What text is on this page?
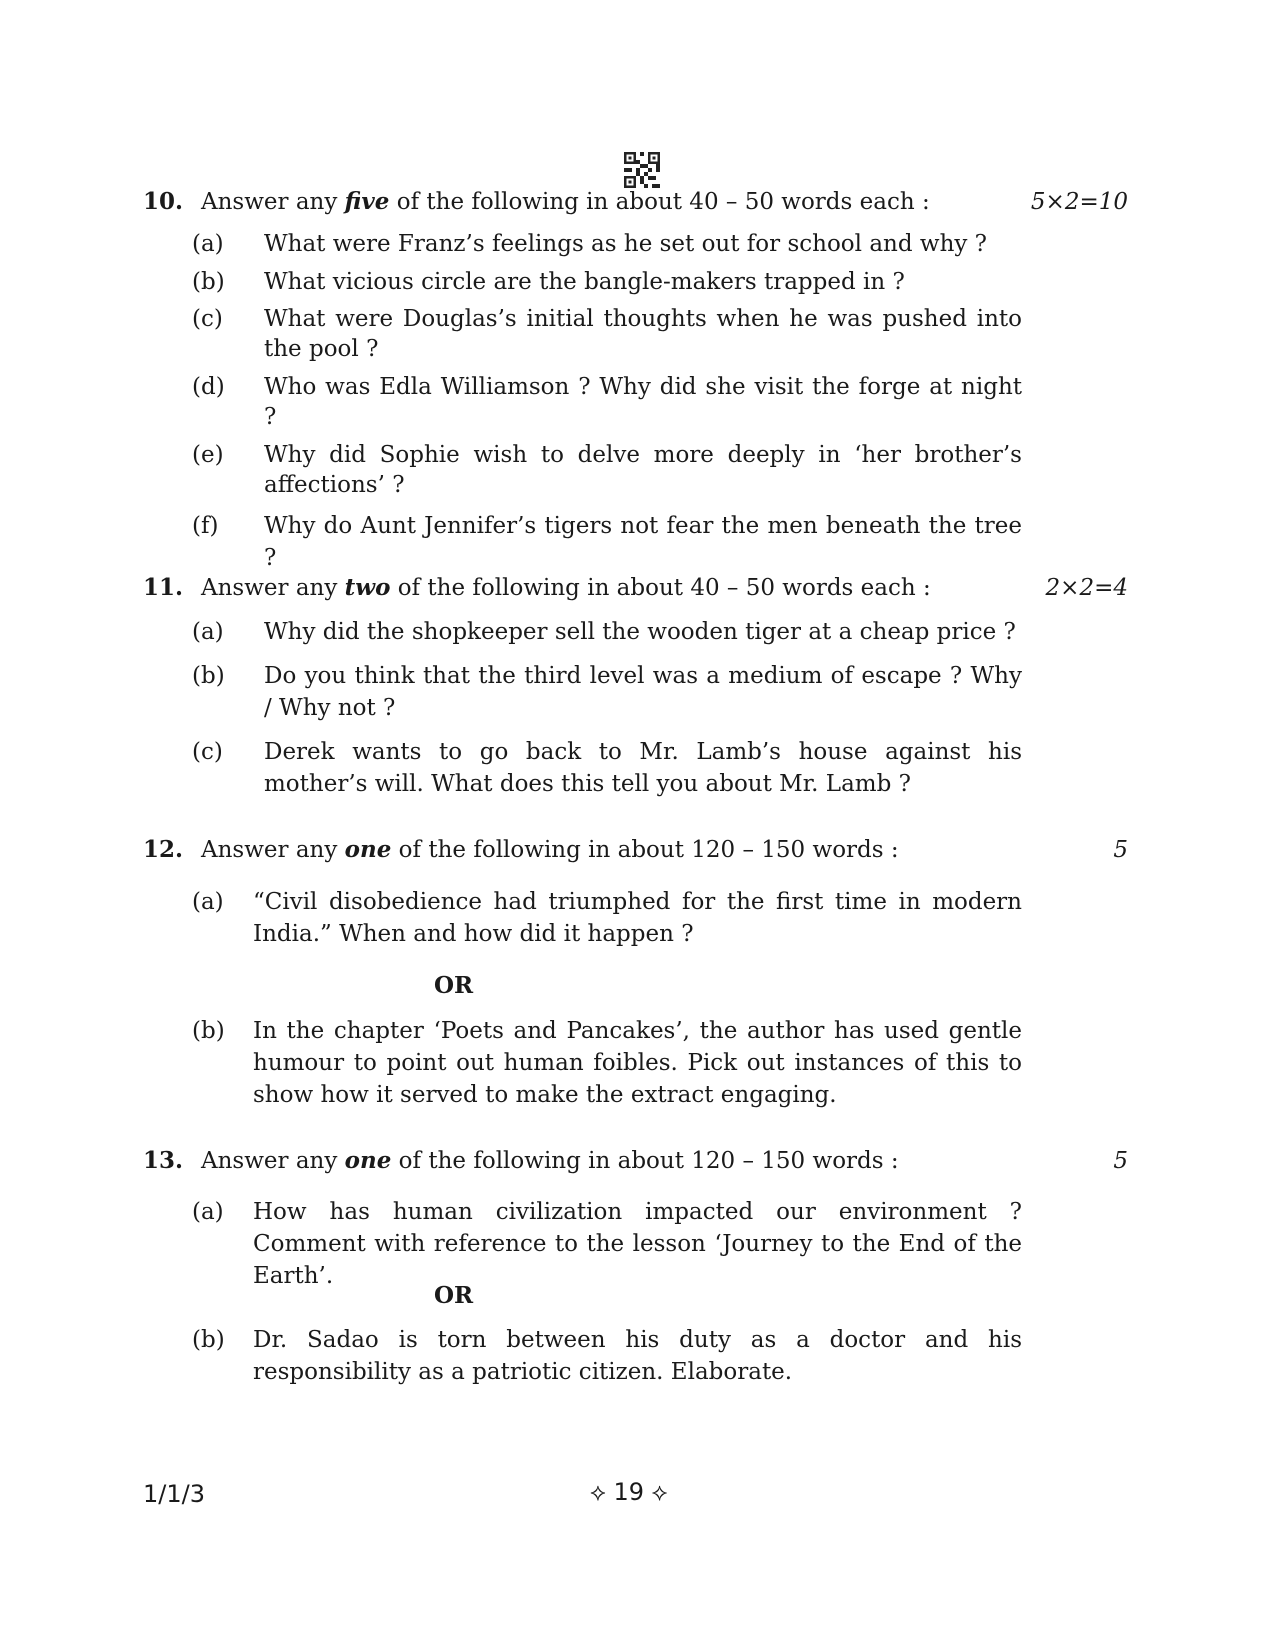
10. Answer any five of the following in about 40 – 50 words each :	5×2=10
(a) What were Franz’s feelings as he set out for school and why ?
(b) What vicious circle are the bangle-makers trapped in ?
(c) What were Douglas’s initial thoughts when he was pushed into the pool ?
(d) Who was Edla Williamson ? Why did she visit the forge at night ?
(e) Why did Sophie wish to delve more deeply in ‘her brother’s affections’ ?
(f) Why do Aunt Jennifer’s tigers not fear the men beneath the tree ?
11. Answer any two of the following in about 40 – 50 words each :	2×2=4
(a) Why did the shopkeeper sell the wooden tiger at a cheap price ?
(b) Do you think that the third level was a medium of escape ? Why / Why not ?
(c) Derek wants to go back to Mr. Lamb’s house against his mother’s will. What does this tell you about Mr. Lamb ?
12. Answer any one of the following in about 120 – 150 words :	5
(a) “Civil disobedience had triumphed for the first time in modern India.” When and how did it happen ?
OR
(b) In the chapter ‘Poets and Pancakes’, the author has used gentle humour to point out human foibles. Pick out instances of this to show how it served to make the extract engaging.
13. Answer any one of the following in about 120 – 150 words :	5
(a) How has human civilization impacted our environment ? Comment with reference to the lesson ‘Journey to the End of the Earth’.
OR
(b) Dr. Sadao is torn between his duty as a doctor and his responsibility as a patriotic citizen. Elaborate.
1/1/3	⟡ 19 ⟡
